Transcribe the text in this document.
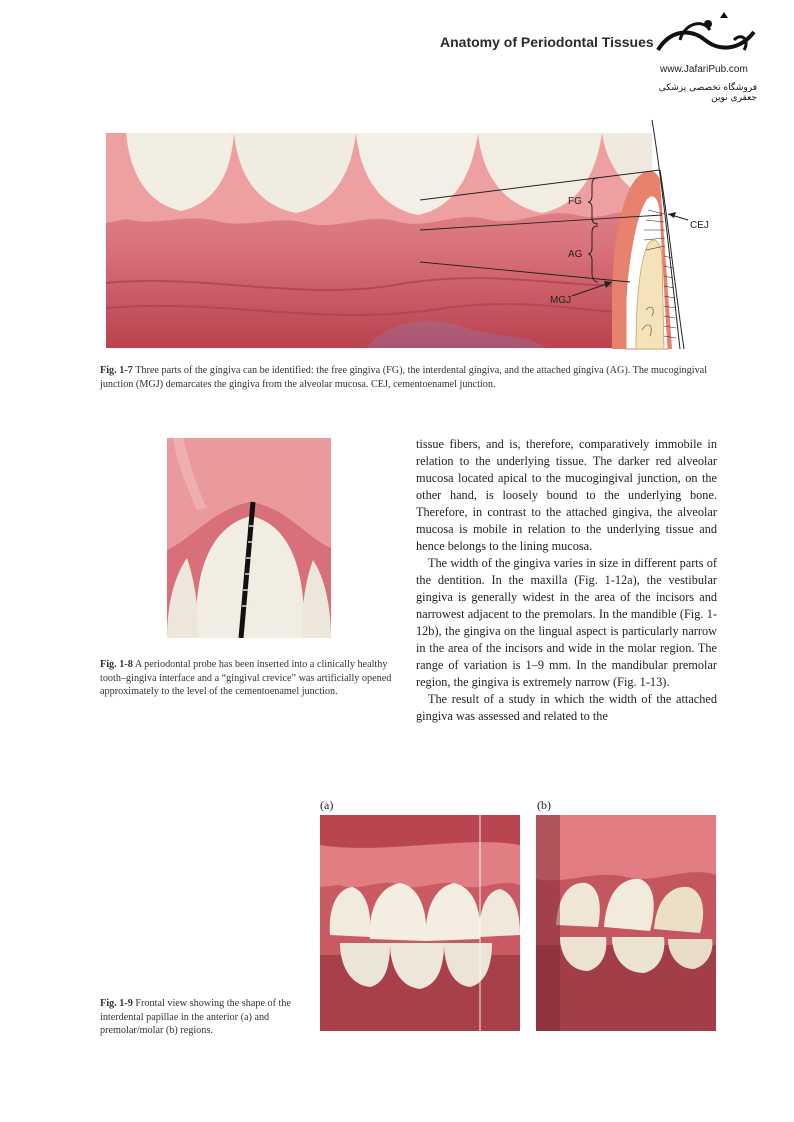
Anatomy of Periodontal Tissues
www.JafariPub.com
فروشگاه تخصصی پزشکی جعفری نوین
FG
AG
MGJ
CEJ
Fig. 1-7 Three parts of the gingiva can be identified: the free gingiva (FG), the interdental gingiva, and the attached gingiva (AG). The mucogingival junction (MGJ) demarcates the gingiva from the alveolar mucosa. CEJ, cementoenamel junction.
Fig. 1-8 A periodontal probe has been inserted into a clinically healthy tooth–gingiva interface and a “gingival crevice” was artificially opened approximately to the level of the cementoenamel junction.

tissue fibers, and is, therefore, comparatively immobile in relation to the underlying tissue. The darker red alveolar mucosa located apical to the mucogingival junction, on the other hand, is loosely bound to the underlying bone. Therefore, in contrast to the attached gingiva, the alveolar mucosa is mobile in relation to the underlying tissue and hence belongs to the lining mucosa.

The width of the gingiva varies in size in different parts of the dentition. In the maxilla (Fig. 1-12a), the vestibular gingiva is generally widest in the area of the incisors and narrowest adjacent to the premolars. In the mandible (Fig. 1-12b), the gingiva on the lingual aspect is particularly narrow in the area of the incisors and wide in the molar region. The range of variation is 1–9 mm. In the mandibular premolar region, the gingiva is extremely narrow (Fig. 1-13).

The result of a study in which the width of the attached gingiva was assessed and related to the

(a)	(b)
Fig. 1-9 Frontal view showing the shape of the interdental papillae in the anterior (a) and premolar/molar (b) regions.
